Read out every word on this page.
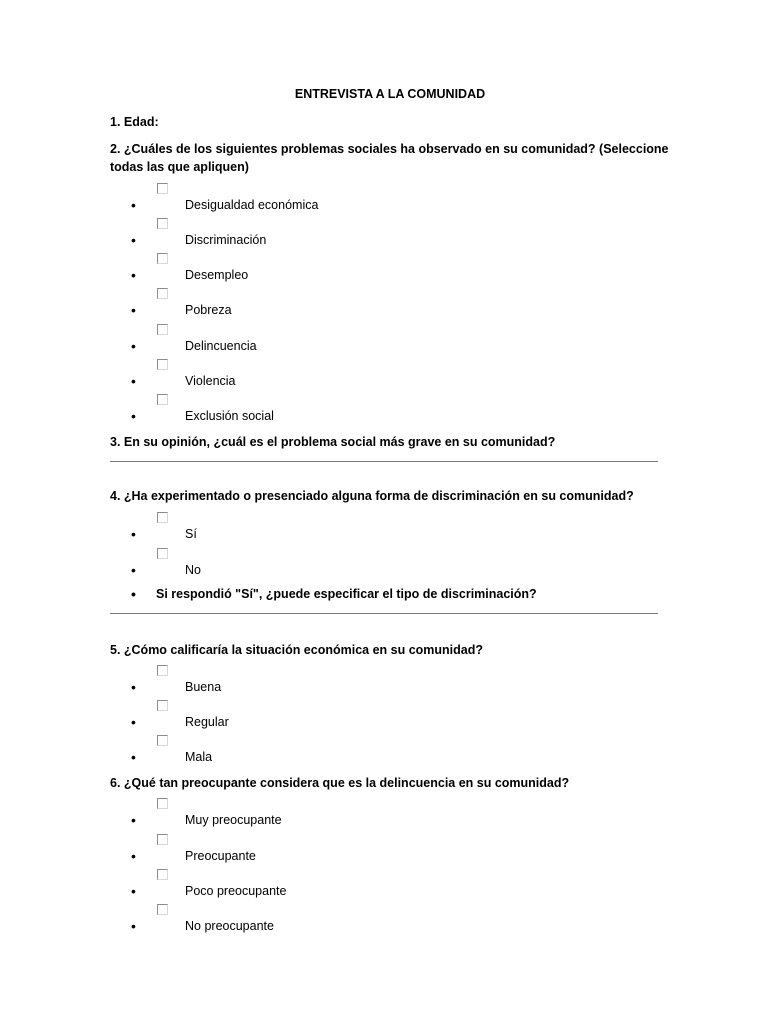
ENTREVISTA A LA COMUNIDAD
1. Edad:
2. ¿Cuáles de los siguientes problemas sociales ha observado en su comunidad? (Seleccione todas las que apliquen)
•	Desigualdad económica
•	Discriminación
•	Desempleo
•	Pobreza
•	Delincuencia
•	Violencia
•	Exclusión social
3. En su opinión, ¿cuál es el problema social más grave en su comunidad?
4. ¿Ha experimentado o presenciado alguna forma de discriminación en su comunidad?
•	Sí
•	No
• Si respondió "Sí", ¿puede especificar el tipo de discriminación?
5. ¿Cómo calificaría la situación económica en su comunidad?
•	Buena
•	Regular
•	Mala
6. ¿Qué tan preocupante considera que es la delincuencia en su comunidad?
•	Muy preocupante
•	Preocupante
•	Poco preocupante
•	No preocupante
